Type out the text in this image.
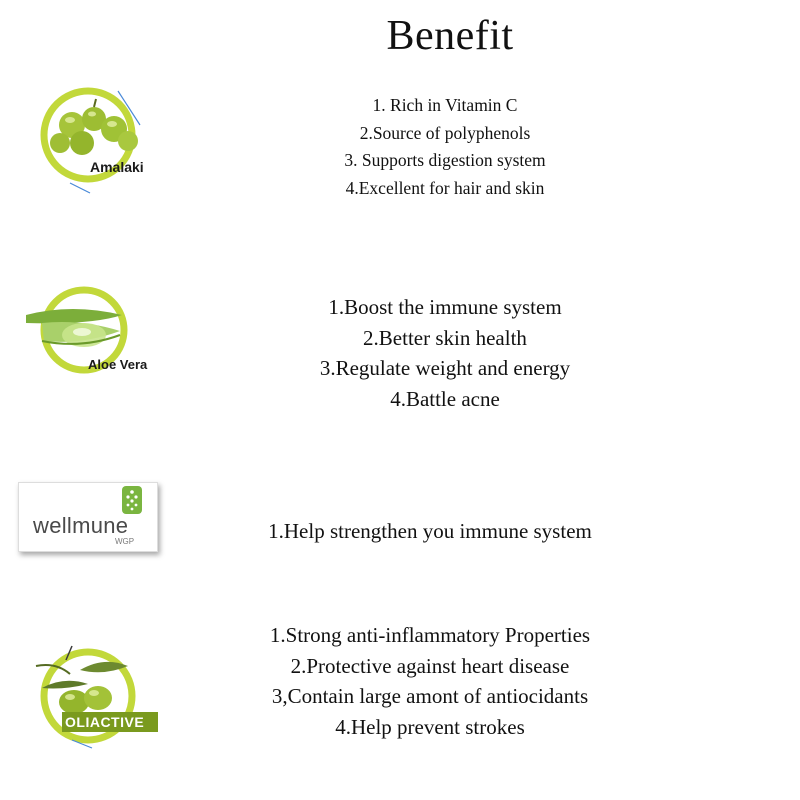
Benefit
Amalaki
1. Rich in Vitamin C
2.Source of polyphenols
3. Supports digestion system
4.Excellent for hair and skin
Aloe Vera
1.Boost the immune system
2.Better skin health
3.Regulate weight and energy
4.Battle acne
wellmune
WGP	1.Help strengthen you immune system
OLIACTIVE
1.Strong anti-inflammatory Properties
2.Protective against heart disease
3,Contain large amont of antiocidants
4.Help prevent strokes
